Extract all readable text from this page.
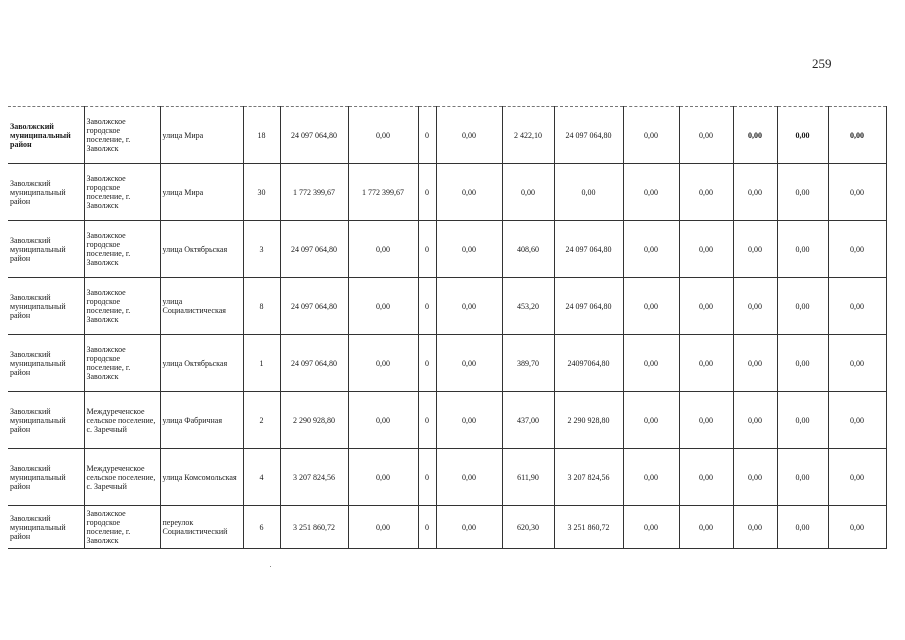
259
Заволжский муниципальный район	Заволжское городское поселение, г. Заволжск	улица Мира	18	24 097 064,80	0,00	0	0,00	2 422,10	24 097 064,80	0,00	0,00	0,00	0,00	0,00
Заволжский муниципальный район	Заволжское городское поселение, г. Заволжск	улица Мира	30	1 772 399,67	1 772 399,67	0	0,00	0,00	0,00	0,00	0,00	0,00	0,00	0,00
Заволжский муниципальный район	Заволжское городское поселение, г. Заволжск	улица Октябрьская	3	24 097 064,80	0,00	0	0,00	408,60	24 097 064,80	0,00	0,00	0,00	0,00	0,00
Заволжский муниципальный район	Заволжское городское поселение, г. Заволжск	улица Социалистическая	8	24 097 064,80	0,00	0	0,00	453,20	24 097 064,80	0,00	0,00	0,00	0,00	0,00
Заволжский муниципальный район	Заволжское городское поселение, г. Заволжск	улица Октябрьская	1	24 097 064,80	0,00	0	0,00	389,70	24097064,80	0,00	0,00	0,00	0,00	0,00
Заволжский муниципальный район	Междуреченское сельское поселение, с. Заречный	улица Фабричная	2	2 290 928,80	0,00	0	0,00	437,00	2 290 928,80	0,00	0,00	0,00	0,00	0,00
Заволжский муниципальный район	Междуреченское сельское поселение, с. Заречный	улица Комсомольская	4	3 207 824,56	0,00	0	0,00	611,90	3 207 824,56	0,00	0,00	0,00	0,00	0,00
Заволжский муниципальный район	Заволжское городское поселение, г. Заволжск	переулок Социалистический	6	3 251 860,72	0,00	0	0,00	620,30	3 251 860,72	0,00	0,00	0,00	0,00	0,00
